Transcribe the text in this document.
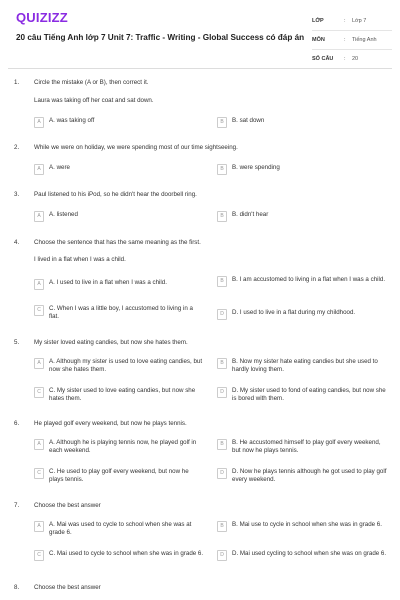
QUIZIZZ
20 câu Tiếng Anh lớp 7 Unit 7: Traffic - Writing - Global Success có đáp án
LỚP	:	Lớp 7
MÔN	:	Tiếng Anh
SỐ CÂU	:	20
1.	Circle the mistake (A or B), then correct it.
Laura was taking off her coat and sat down.
A	A. was taking off	B	B. sat down
2.	While we were on holiday, we were spending most of our time sightseeing.
A	A. were	B	B. were spending
3.	Paul listened to his iPod, so he didn't hear the doorbell ring.
A	A. listened	B	B. didn't hear
4.	Choose the sentence that has the same meaning as the first.
I lived in a flat when I was a child.
A	A. I used to live in a flat when I was a child.	B	B. I am accustomed to living in a flat when I was a child.
C	C. When I was a little boy, I accustomed to living in a flat.	D	D. I used to live in a flat during my childhood.
5.	My sister loved eating candies, but now she hates them.
A	A. Although my sister is used to love eating candies, but now she hates them.
B	B. Now my sister hate eating candies but she used to hardly loving them.
C	C. My sister used to love eating candies, but now she hates them.
D	D. My sister used to fond of eating candies, but now she is bored with them.
6.	He played golf every weekend, but now he plays tennis.
A	A. Although he is playing tennis now, he played golf in each weekend.
B	B. He accustomed himself to play golf every weekend, but now he plays tennis.
C	C. He used to play golf every weekend, but now he plays tennis.
D	D. Now he plays tennis although he got used to play golf every weekend.
7.	Choose the best answer
A	A. Mai was used to cycle to school when she was at grade 6.
B	B. Mai use to cycle in school when she was in grade 6.
C	C. Mai used to cycle to school when she was in grade 6.	D	D. Mai used cycling to school when she was on grade 6.
8.	Choose the best answer
